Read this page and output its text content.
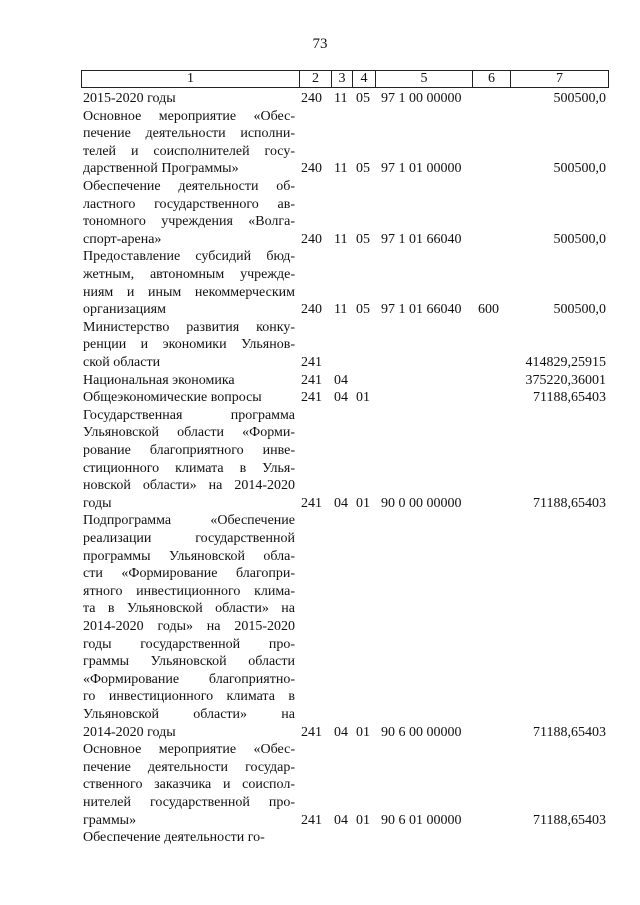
73
1	2	3	4	5	6	7
2015-2020 годы	240 11 05 97 1 00 00000	500500,0
Основное мероприятие «Обес-
печение деятельности исполни-
телей и соисполнителей госу-
дарственной Программы»	240 11 05 97 1 01 00000	500500,0
Обеспечение деятельности об-
ластного государственного ав-
тономного учреждения «Волга-
спорт-арена»	240 11 05 97 1 01 66040	500500,0
Предоставление субсидий бюд-
жетным, автономным учрежде-
ниям и иным некоммерческим
организациям	240 11 05 97 1 01 66040 600	500500,0
Министерство развития конку-
ренции и экономики Ульянов-
ской области	241	414829,25915
Национальная экономика	241 04	375220,36001
Общеэкономические вопросы	241 04 01	71188,65403
Государственная программа
Ульяновской области «Форми-
рование благоприятного инве-
стиционного климата в Улья-
новской области» на 2014-2020
годы	241 04 01 90 0 00 00000	71188,65403
Подпрограмма «Обеспечение
реализации государственной
программы Ульяновской обла-
сти «Формирование благопри-
ятного инвестиционного клима-
та в Ульяновской области» на
2014-2020 годы» на 2015-2020
годы государственной про-
граммы Ульяновской области
«Формирование благоприятно-
го инвестиционного климата в
Ульяновской области» на
2014-2020 годы	241 04 01 90 6 00 00000	71188,65403
Основное мероприятие «Обес-
печение деятельности государ-
ственного заказчика и соиспол-
нителей государственной про-
граммы»	241 04 01 90 6 01 00000	71188,65403
Обеспечение деятельности го-
